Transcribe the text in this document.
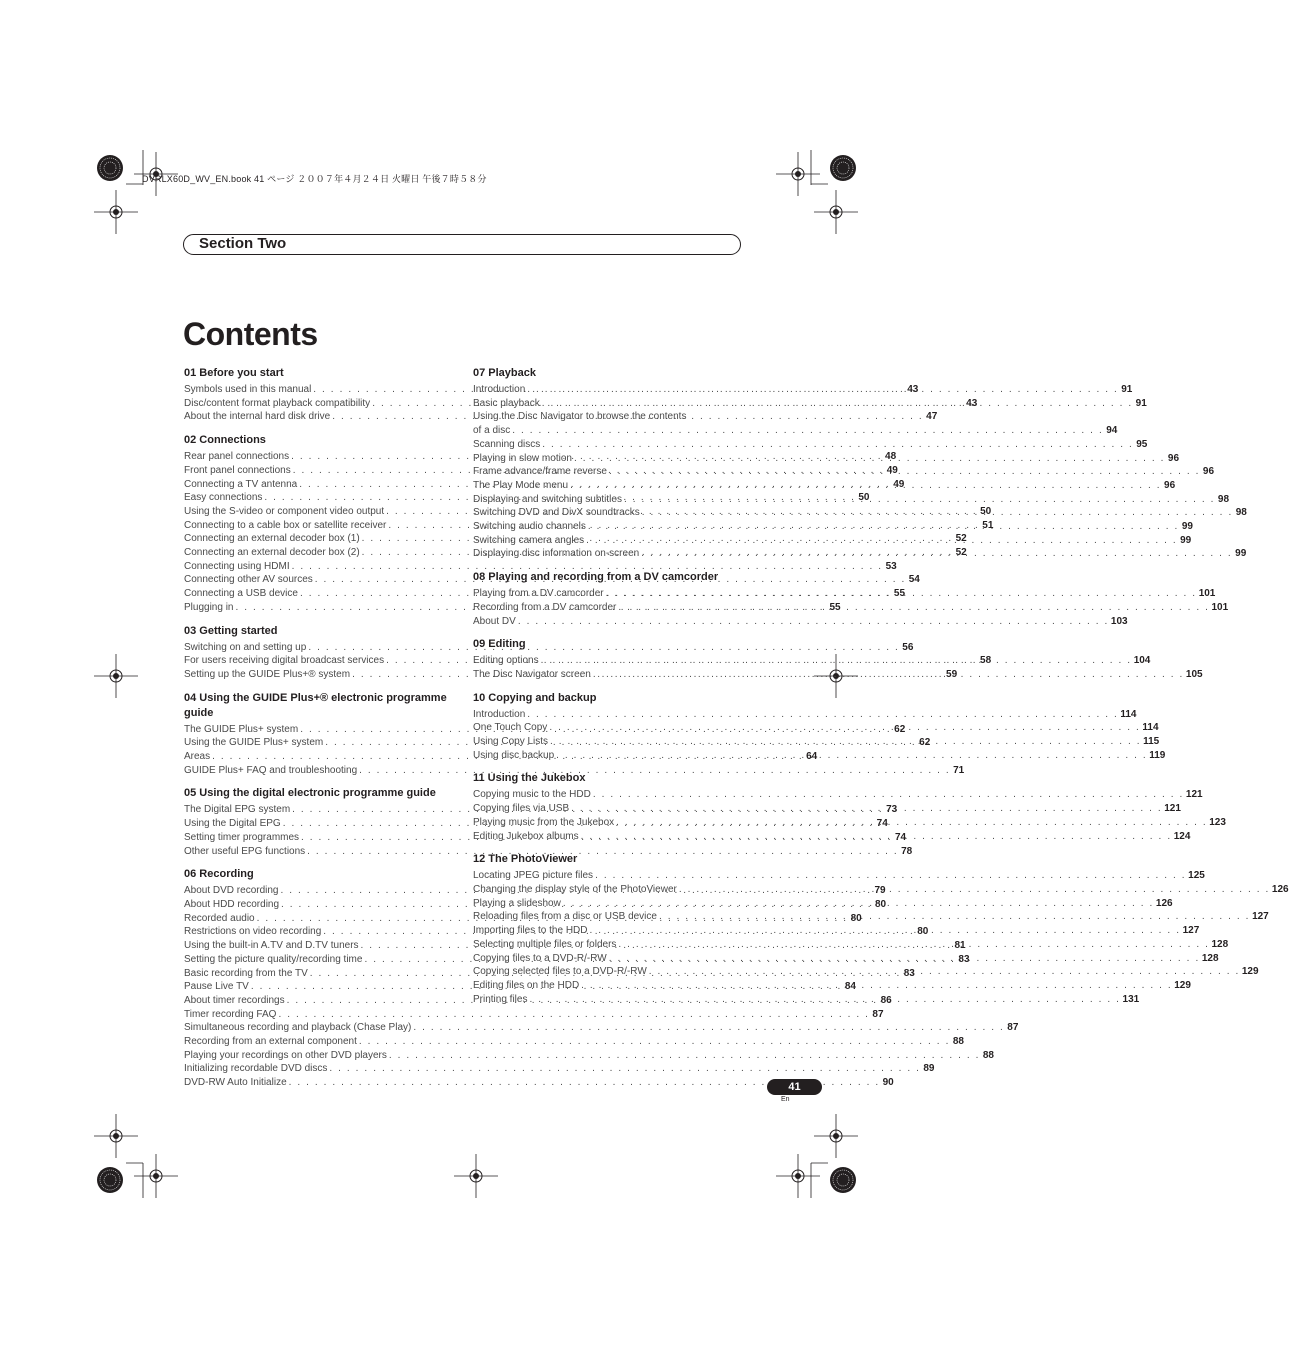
DVRLX60D_WV_EN.book 41 ページ ２００７年４月２４日 火曜日 午後７時５８分
Section Two
Contents
01 Before you start
Symbols used in this manual . . .	43
Disc/content format playback compatibility . . .	43
About the internal hard disk drive . . .	47
02 Connections
Rear panel connections . . .	48
Front panel connections . . .	49
Connecting a TV antenna . . .	49
Easy connections . . .	50
Using the S-video or component video output . . .	50
Connecting to a cable box or satellite receiver . . .	51
Connecting an external decoder box (1) . . .	52
Connecting an external decoder box (2) . . .	52
Connecting using HDMI . . .	53
Connecting other AV sources . . .	54
Connecting a USB device . . .	55
Plugging in . . .	55
03 Getting started
Switching on and setting up . . .	56
For users receiving digital broadcast services . . .	58
Setting up the GUIDE Plus+® system . . .	59
04 Using the GUIDE Plus+® electronic programme guide
The GUIDE Plus+ system . . .	62
Using the GUIDE Plus+ system . . .	62
Areas . . .	64
GUIDE Plus+ FAQ and troubleshooting . . .	71
05 Using the digital electronic programme guide
The Digital EPG system . . .	73
Using the Digital EPG . . .	74
Setting timer programmes . . .	74
Other useful EPG functions . . .	78
06 Recording
About DVD recording . . .	79
About HDD recording . . .	80
Recorded audio . . .	80
Restrictions on video recording . . .	80
Using the built-in A.TV and D.TV tuners . . .	81
Setting the picture quality/recording time . . .	83
Basic recording from the TV . . .	83
Pause Live TV . . .	84
About timer recordings . . .	86
Timer recording FAQ . . .	87
Simultaneous recording and playback (Chase Play) . . .	87
Recording from an external component . . .	88
Playing your recordings on other DVD players . . .	88
Initializing recordable DVD discs . . .	89
DVD-RW Auto Initialize . . .	90
07 Playback
Introduction . . .	91
Basic playback . . .	91
Using the Disc Navigator to browse the contents
of a disc . . .	94
Scanning discs . . .	95
Playing in slow motion . . .	96
Frame advance/frame reverse . . .	96
The Play Mode menu . . .	96
Displaying and switching subtitles . . .	98
Switching DVD and DivX soundtracks . . .	98
Switching audio channels . . .	99
Switching camera angles . . .	99
Displaying disc information on-screen . . .	99
08 Playing and recording from a DV camcorder
Playing from a DV camcorder . . .	101
Recording from a DV camcorder . . .	101
About DV . . .	103
09 Editing
Editing options . . .	104
The Disc Navigator screen . . .	105
10 Copying and backup
Introduction . . .	114
One Touch Copy . . .	114
Using Copy Lists . . .	115
Using disc backup . . .	119
11 Using the Jukebox
Copying music to the HDD . . .	121
Copying files via USB . . .	121
Playing music from the Jukebox . . .	123
Editing Jukebox albums . . .	124
12 The PhotoViewer
Locating JPEG picture files . . .	125
Changing the display style of the PhotoViewer . . .	126
Playing a slideshow . . .	126
Reloading files from a disc or USB device . . .	127
Importing files to the HDD . . .	127
Selecting multiple files or folders . . .	128
Copying files to a DVD-R/-RW . . .	128
Copying selected files to a DVD-R/-RW . . .	129
Editing files on the HDD . . .	129
Printing files . . .	131
41
En
